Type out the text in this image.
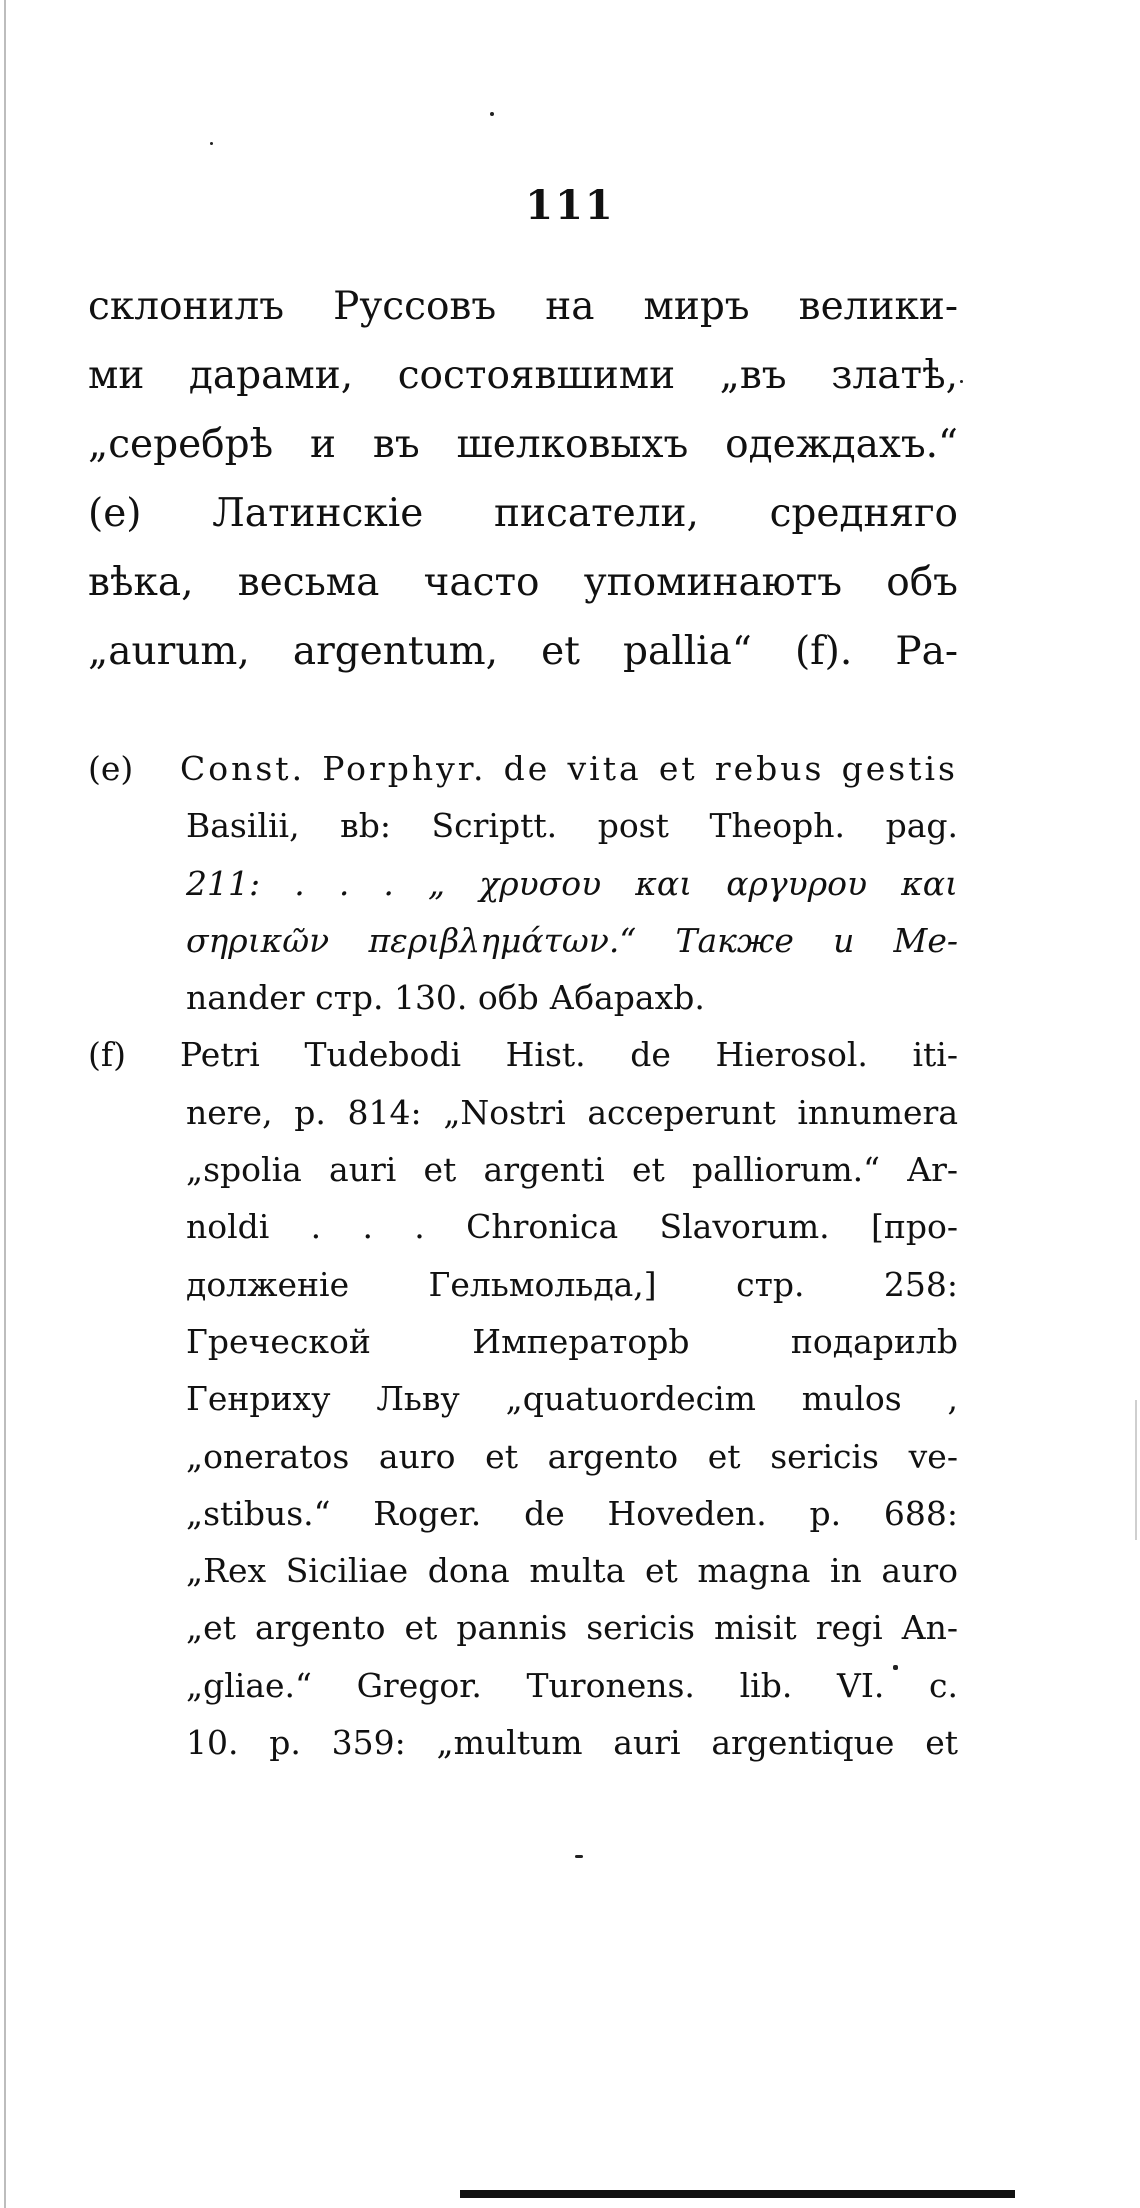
111
склонилъ Руссовъ на миръ велики-
ми дарами, состоявшими „въ златѣ,
„серебрѣ и въ шелковыхъ одеждахъ.“
(е) Латинскіе писатели, средняго
вѣка, весьма часто упоминаютъ объ
„aurum, argentum, et pallia“ (f). Ра-
(е) Const. Porphyr. de vita et rebus gestis
Basilii, вb: Scriptt. post Theoph. pag.
211: . . . „ χρυσου και αργυρου και
σηρικῶν περιβλημάτων.“ Также и Ме-
nander стр. 130. обb Абарахb.
(f) Petri Tudebodi Hist. de Hierosol. iti-
nere, p. 814: „Nostri acceperunt innumera
„spolia auri et argenti et palliorum.“ Ar-
noldi . . . Chronica Slavorum. [про-
долженіе Гельмольда,] стр. 258:
Греческой Императорb подарилb
Генриху Льву „quatuordecim mulos ,
„oneratos auro et argento et sericis ve-
„stibus.“ Roger. de Hoveden. p. 688:
„Rex Siciliae dona multa et magna in auro
„et argento et pannis sericis misit regi An-
„gliae.“ Gregor. Turonens. lib. VI. c.
10. p. 359: „multum auri argentique et
